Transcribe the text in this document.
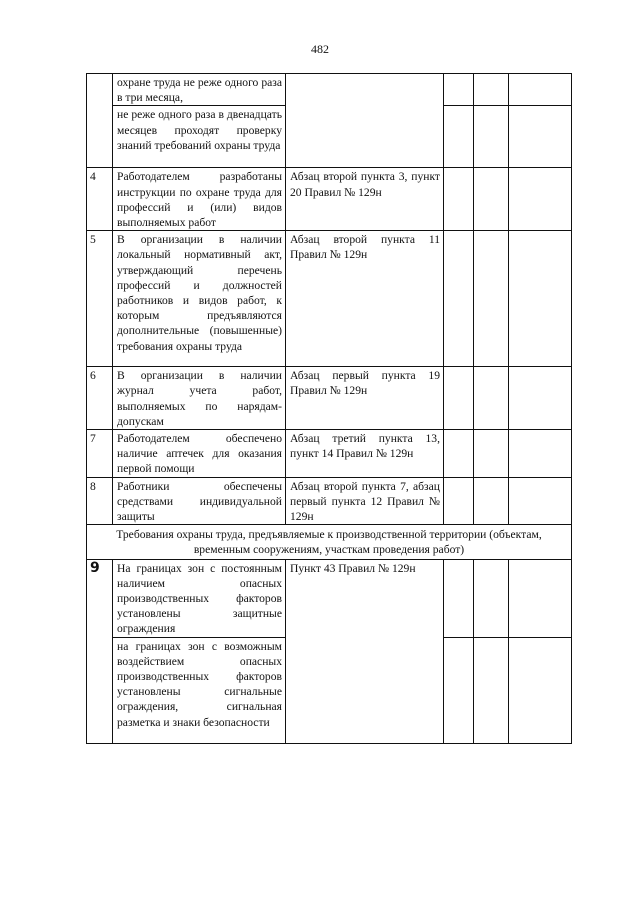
482
	охране труда не реже одного раза в три месяца,				
	не реже одного раза в двенадцать месяцев проходят проверку знаний требований охраны труда				
4	Работодателем разработаны инструкции по охране труда для профессий и (или) видов выполняемых работ	Абзац второй пункта 3, пункт 20 Правил № 129н			
5	В организации в наличии локальный нормативный акт, утверждающий перечень профессий и должностей работников и видов работ, к которым предъявляются дополнительные (повышенные) требования охраны труда	Абзац второй пункта 11 Правил № 129н			
6	В организации в наличии журнал учета работ, выполняемых по нарядам-допускам	Абзац первый пункта 19 Правил № 129н			
7	Работодателем обеспечено наличие аптечек для оказания первой помощи	Абзац третий пункта 13, пункт 14 Правил № 129н			
8	Работники обеспечены средствами индивидуальной защиты	Абзац второй пункта 7, абзац первый пункта 12 Правил № 129н			
Требования охраны труда, предъявляемые к производственной территории (объектам, временным сооружениям, участкам проведения работ)					
9	На границах зон с постоянным наличием опасных производственных факторов установлены защитные ограждения	Пункт 43 Правил № 129н			
	на границах зон с возможным воздействием опасных производственных факторов установлены сигнальные ограждения, сигнальная разметка и знаки безопасности				
